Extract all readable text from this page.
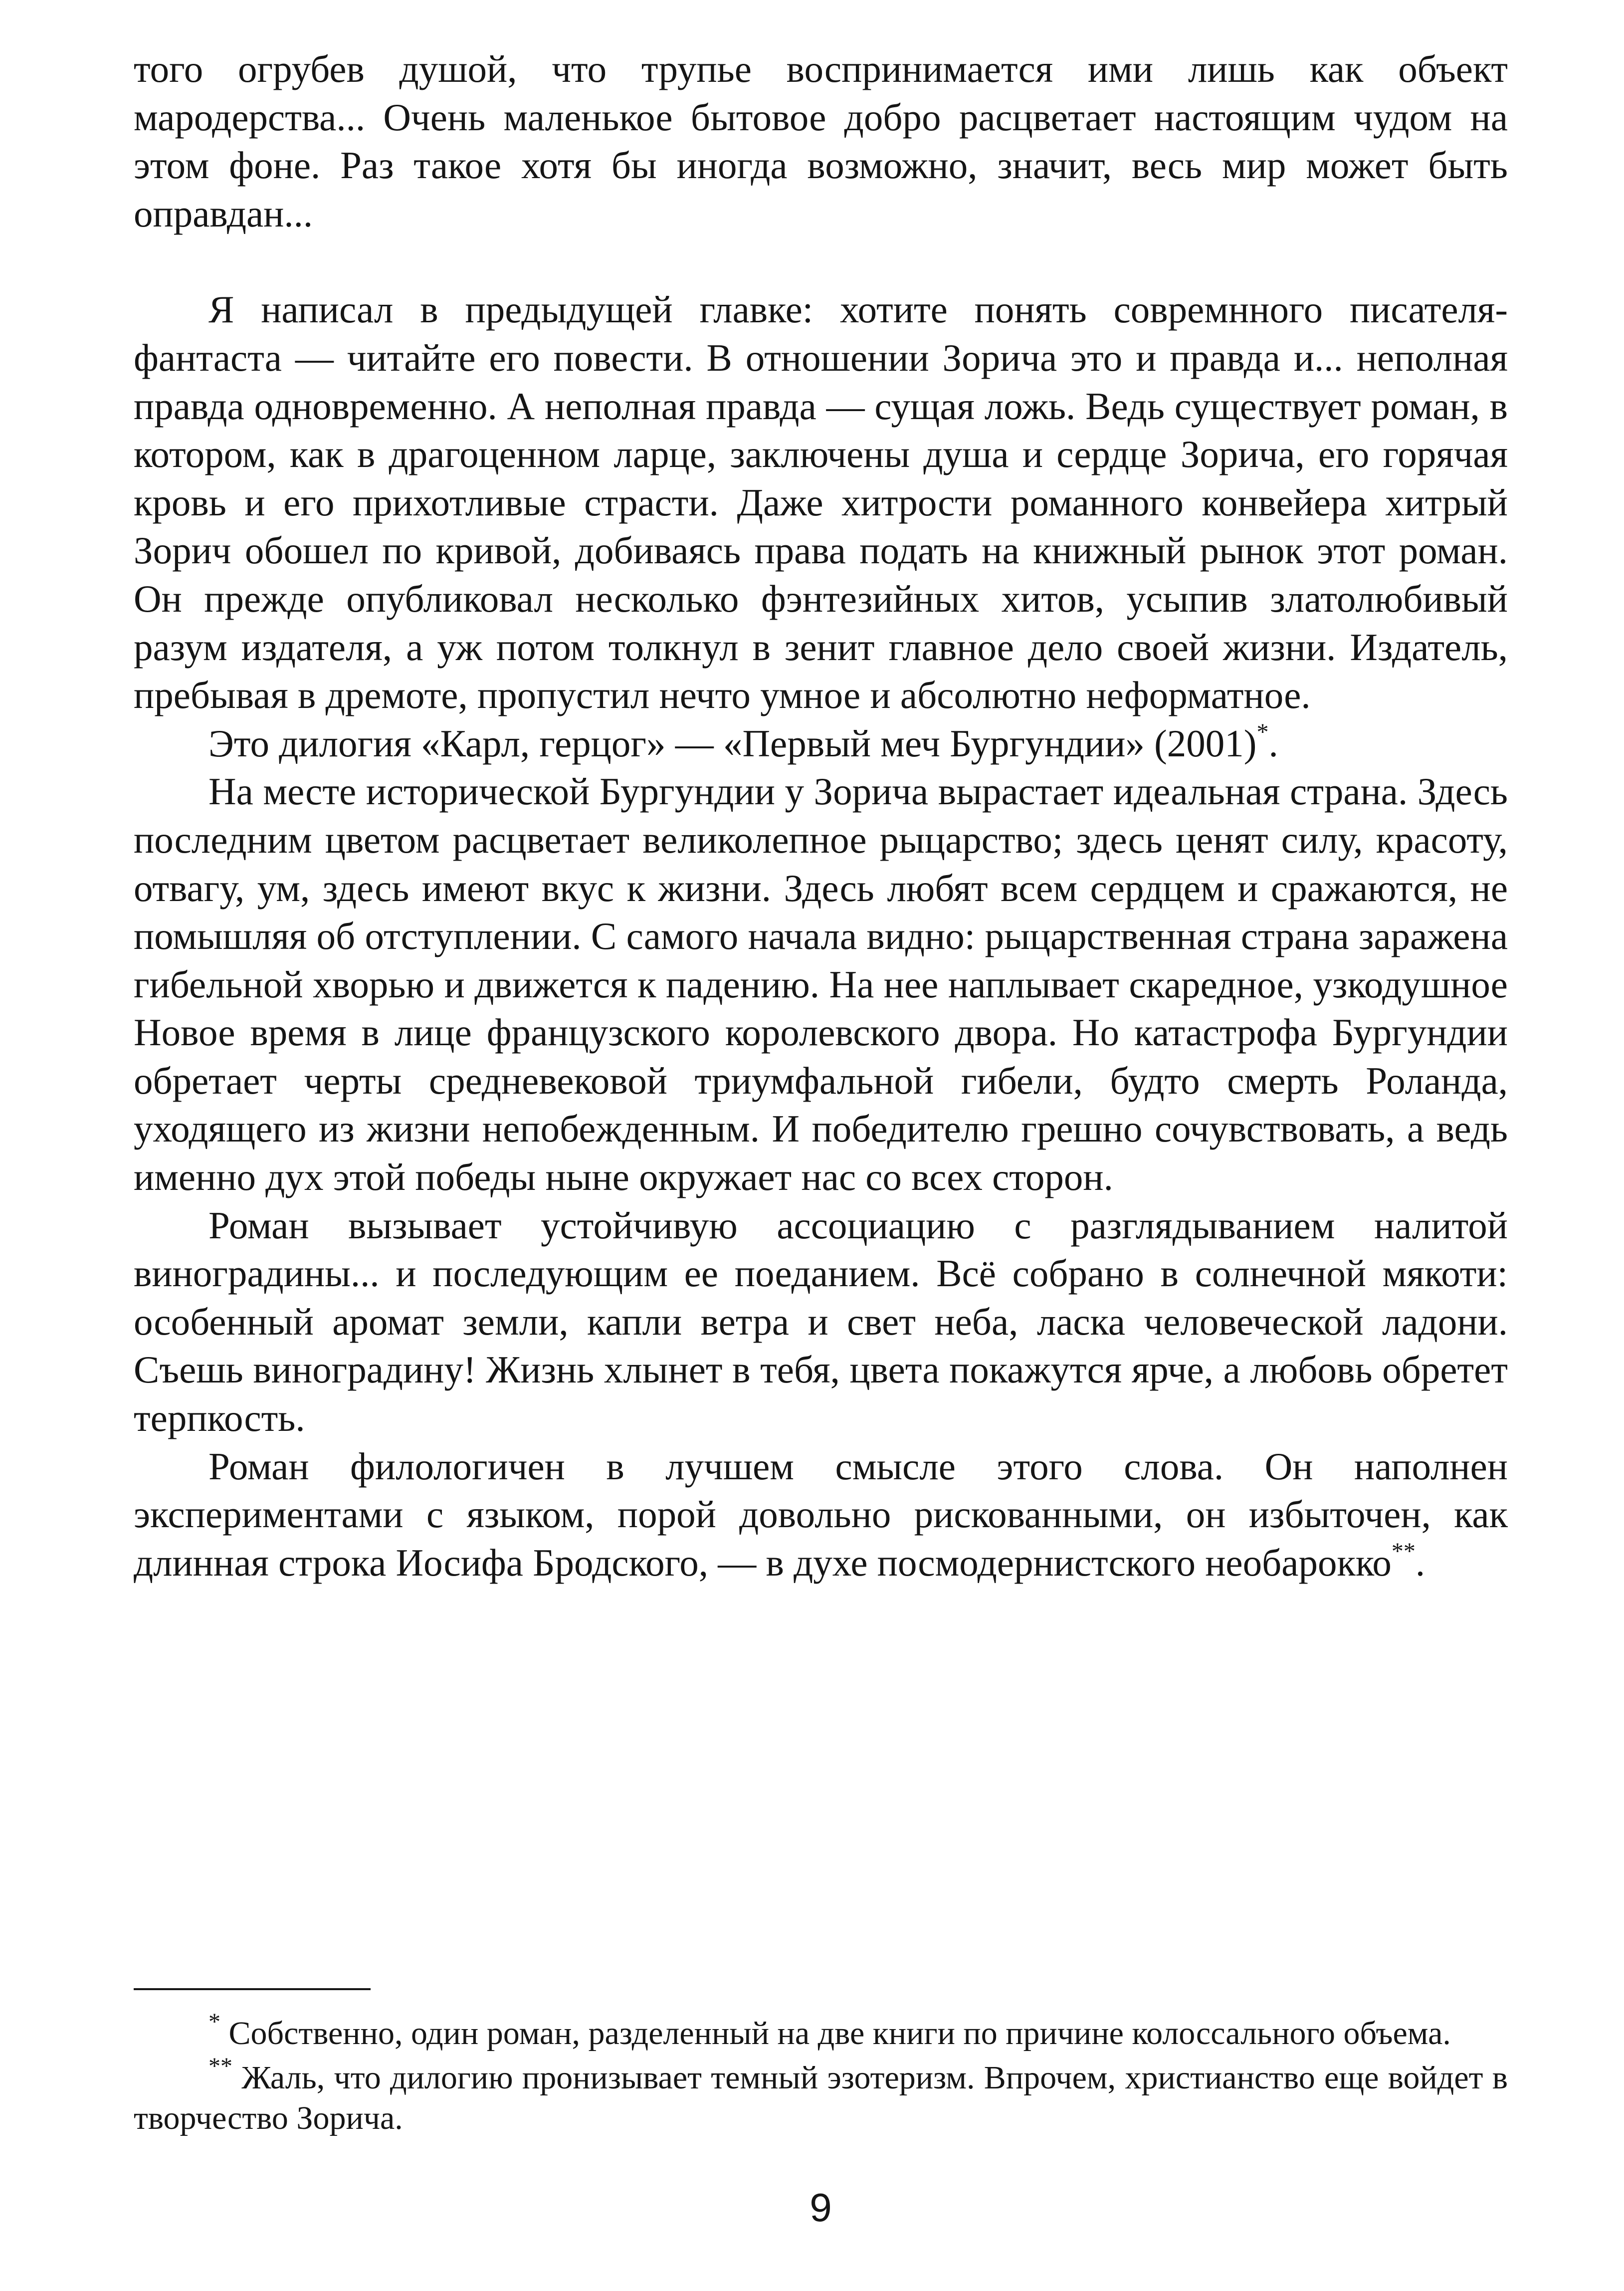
того огрубев душой, что трупье воспринимается ими лишь как объект мародерства... Очень маленькое бытовое добро расцветает настоящим чудом на этом фоне. Раз такое хотя бы иногда возможно, значит, весь мир может быть оправдан...

Я написал в предыдущей главке: хотите понять совремнного писателя-фантаста — читайте его повести. В отношении Зорича это и правда и... неполная правда одновременно. А неполная правда — сущая ложь. Ведь существует роман, в котором, как в драгоценном ларце, заключены душа и сердце Зорича, его горячая кровь и его прихотливые страсти. Даже хитрости романного конвейера хитрый Зорич обошел по кривой, добиваясь права подать на книжный рынок этот роман. Он прежде опубликовал несколько фэнтезийных хитов, усыпив златолюбивый разум издателя, а уж потом толкнул в зенит главное дело своей жизни. Издатель, пребывая в дремоте, пропустил нечто умное и абсолютно неформатное.

Это дилогия «Карл, герцог» — «Первый меч Бургундии» (2001)*.

На месте исторической Бургундии у Зорича вырастает идеальная страна. Здесь последним цветом расцветает великолепное рыцарство; здесь ценят силу, красоту, отвагу, ум, здесь имеют вкус к жизни. Здесь любят всем сердцем и сражаются, не помышляя об отступлении. С самого начала видно: рыцарственная страна заражена гибельной хворью и движется к падению. На нее наплывает скаредное, узкодушное Новое время в лице французского королевского двора. Но катастрофа Бургундии обретает черты средневековой триумфальной гибели, будто смерть Роланда, уходящего из жизни непобежденным. И победителю грешно сочувствовать, а ведь именно дух этой победы ныне окружает нас со всех сторон.

Роман вызывает устойчивую ассоциацию с разглядыванием налитой виноградины... и последующим ее поеданием. Всё собрано в солнечной мякоти: особенный аромат земли, капли ветра и свет неба, ласка человеческой ладони. Съешь виноградину! Жизнь хлынет в тебя, цвета покажутся ярче, а любовь обретет терпкость.

Роман филологичен в лучшем смысле этого слова. Он наполнен экспериментами с языком, порой довольно рискованными, он избыточен, как длинная строка Иосифа Бродского, — в духе посмодернистского необарокко**.

* Собственно, один роман, разделенный на две книги по причине колоссального объема.

** Жаль, что дилогию пронизывает темный эзотеризм. Впрочем, христианство еще войдет в творчество Зорича.

9
